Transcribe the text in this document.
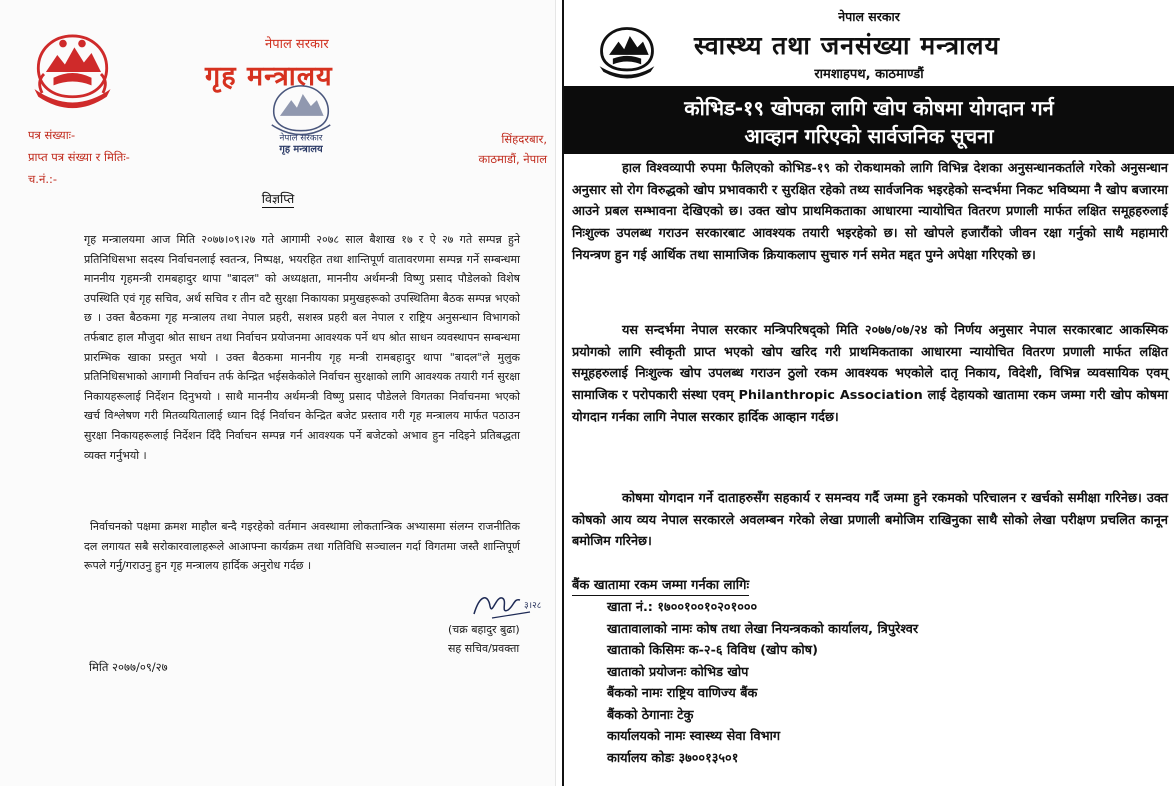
नेपाल सरकार
गृह मन्त्रालय
नेपाल सरकार
गृह मन्त्रालय
पत्र संख्याः-
प्राप्त पत्र संख्या र मितिः-
च.नं.:-
सिंहदरबार,
काठमाडौं, नेपाल
विज्ञप्ति

गृह मन्त्रालयमा आज मिति २०७७।०९।२७ गते आगामी २०७८ साल बैशाख १७ र ऐ २७ गते सम्पन्न हुने प्रतिनिधिसभा सदस्य निर्वाचनलाई स्वतन्त्र, निष्पक्ष, भयरहित तथा शान्तिपूर्ण वातावरणमा सम्पन्न गर्ने सम्बन्धमा माननीय गृहमन्त्री रामबहादुर थापा "बादल" को अध्यक्षता, माननीय अर्थमन्त्री विष्णु प्रसाद पौडेलको विशेष उपस्थिति एवं गृह सचिव, अर्थ सचिव र तीन वटै सुरक्षा निकायका प्रमुखहरूको उपस्थितिमा बैठक सम्पन्न भएको छ । उक्त बैठकमा गृह मन्त्रालय तथा नेपाल प्रहरी, सशस्त्र प्रहरी बल नेपाल र राष्ट्रिय अनुसन्धान विभागको तर्फबाट हाल मौजुदा श्रोत साधन तथा निर्वाचन प्रयोजनमा आवश्यक पर्ने थप श्रोत साधन व्यवस्थापन सम्बन्धमा प्रारम्भिक खाका प्रस्तुत भयो । उक्त बैठकमा माननीय गृह मन्त्री रामबहादुर थापा "बादल"ले मुलुक प्रतिनिधिसभाको आगामी निर्वाचन तर्फ केन्द्रित भईसकेकोले निर्वाचन सुरक्षाको लागि आवश्यक तयारी गर्न सुरक्षा निकायहरूलाई निर्देशन दिनुभयो । साथै माननीय अर्थमन्त्री विष्णु प्रसाद पौडेलले विगतका निर्वाचनमा भएको खर्च विश्लेषण गरी मितव्ययितालाई ध्यान दिई निर्वाचन केन्द्रित बजेट प्रस्ताव गरी गृह मन्त्रालय मार्फत पठाउन सुरक्षा निकायहरूलाई निर्देशन दिँदै निर्वाचन सम्पन्न गर्न आवश्यक पर्ने बजेटको अभाव हुन नदिइने प्रतिबद्धता व्यक्त गर्नुभयो ।

निर्वाचनको पक्षमा क्रमश माहौल बन्दै गइरहेको वर्तमान अवस्थामा लोकतान्त्रिक अभ्यासमा संलग्न राजनीतिक दल लगायत सबै सरोकारवालाहरूले आआफ्ना कार्यक्रम तथा गतिविधि सञ्चालन गर्दा विगतमा जस्तै शान्तिपूर्ण रूपले गर्नु/गराउनु हुन गृह मन्त्रालय हार्दिक अनुरोध गर्दछ ।

३।२८
(चक्र बहादुर बुढा)
सह सचिव/प्रवक्ता
मिति २०७७/०९/२७
नेपाल सरकार
स्वास्थ्य तथा जनसंख्या मन्त्रालय
रामशाहपथ, काठमाण्डौं
कोभिड-१९ खोपका लागि खोप कोषमा योगदान गर्न
आव्हान गरिएको सार्वजनिक सूचना

हाल विश्वव्यापी रुपमा फैलिएको कोभिड-१९ को रोकथामको लागि विभिन्न देशका अनुसन्धानकर्ताले गरेको अनुसन्धान अनुसार सो रोग विरुद्धको खोप प्रभावकारी र सुरक्षित रहेको तथ्य सार्वजनिक भइरहेको सन्दर्भमा निकट भविष्यमा नै खोप बजारमा आउने प्रबल सम्भावना देखिएको छ। उक्त खोप प्राथमिकताका आधारमा न्यायोचित वितरण प्रणाली मार्फत लक्षित समूहहरुलाई निःशुल्क उपलब्ध गराउन सरकारबाट आवश्यक तयारी भइरहेको छ। सो खोपले हजारौंको जीवन रक्षा गर्नुको साथै महामारी नियन्त्रण हुन गई आर्थिक तथा सामाजिक क्रियाकलाप सुचारु गर्न समेत मद्दत पुग्ने अपेक्षा गरिएको छ।

यस सन्दर्भमा नेपाल सरकार मन्त्रिपरिषद्को मिति २०७७/०७/२४ को निर्णय अनुसार नेपाल सरकारबाट आकस्मिक प्रयोगको लागि स्वीकृती प्राप्त भएको खोप खरिद गरी प्राथमिकताका आधारमा न्यायोचित वितरण प्रणाली मार्फत लक्षित समूहहरुलाई निःशुल्क खोप उपलब्ध गराउन ठुलो रकम आवश्यक भएकोले दातृ निकाय, विदेशी, विभिन्न व्यवसायिक एवम् सामाजिक र परोपकारी संस्था एवम् Philanthropic Association लाई देहायको खातामा रकम जम्मा गरी खोप कोषमा योगदान गर्नका लागि नेपाल सरकार हार्दिक आव्हान गर्दछ।

कोषमा योगदान गर्ने दाताहरुसँग सहकार्य र समन्वय गर्दै जम्मा हुने रकमको परिचालन र खर्चको समीक्षा गरिनेछ। उक्त कोषको आय व्यय नेपाल सरकारले अवलम्बन गरेको लेखा प्रणाली बमोजिम राखिनुका साथै सोको लेखा परीक्षण प्रचलित कानून बमोजिम गरिनेछ।

बैंक खातामा रकम जम्मा गर्नका लागिः
खाता नं.: १७००१००१०२०१०००
खातावालाको नामः कोष तथा लेखा नियन्त्रकको कार्यालय, त्रिपुरेश्वर
खाताको किसिमः क-२-६ विविध (खोप कोष)
खाताको प्रयोजनः कोभिड खोप
बैंकको नामः राष्ट्रिय वाणिज्य बैंक
बैंकको ठेगानाः टेकु
कार्यालयको नामः स्वास्थ्य सेवा विभाग
कार्यालय कोडः ३७००१३५०१
